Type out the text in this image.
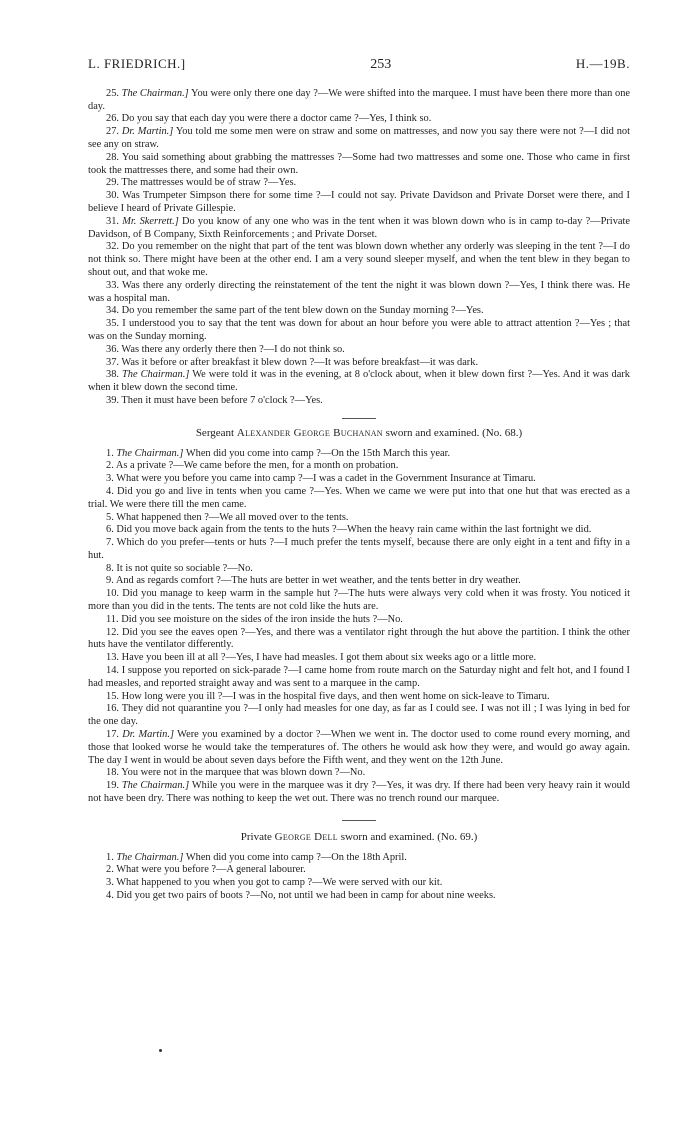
L. FRIEDRICH.]	253	H.—19B.

25. The Chairman.] You were only there one day ?—We were shifted into the marquee. I must have been there more than one day.

26. Do you say that each day you were there a doctor came ?—Yes, I think so.

27. Dr. Martin.] You told me some men were on straw and some on mattresses, and now you say there were not ?—I did not see any on straw.

28. You said something about grabbing the mattresses ?—Some had two mattresses and some one. Those who came in first took the mattresses there, and some had their own.

29. The mattresses would be of straw ?—Yes.

30. Was Trumpeter Simpson there for some time ?—I could not say. Private Davidson and Private Dorset were there, and I believe I heard of Private Gillespie.

31. Mr. Skerrett.] Do you know of any one who was in the tent when it was blown down who is in camp to-day ?—Private Davidson, of B Company, Sixth Reinforcements ; and Private Dorset.

32. Do you remember on the night that part of the tent was blown down whether any orderly was sleeping in the tent ?—I do not think so. There might have been at the other end. I am a very sound sleeper myself, and when the tent blew in they began to shout out, and that woke me.

33. Was there any orderly directing the reinstatement of the tent the night it was blown down ?—Yes, I think there was. He was a hospital man.

34. Do you remember the same part of the tent blew down on the Sunday morning ?—Yes.

35. I understood you to say that the tent was down for about an hour before you were able to attract attention ?—Yes ; that was on the Sunday morning.

36. Was there any orderly there then ?—I do not think so.

37. Was it before or after breakfast it blew down ?—It was before breakfast—it was dark.

38. The Chairman.] We were told it was in the evening, at 8 o'clock about, when it blew down first ?—Yes. And it was dark when it blew down the second time.

39. Then it must have been before 7 o'clock ?—Yes.

Sergeant Alexander George Buchanan sworn and examined. (No. 68.)

1. The Chairman.] When did you come into camp ?—On the 15th March this year.

2. As a private ?—We came before the men, for a month on probation.

3. What were you before you came into camp ?—I was a cadet in the Government Insurance at Timaru.

4. Did you go and live in tents when you came ?—Yes. When we came we were put into that one hut that was erected as a trial. We were there till the men came.

5. What happened then ?—We all moved over to the tents.

6. Did you move back again from the tents to the huts ?—When the heavy rain came within the last fortnight we did.

7. Which do you prefer—tents or huts ?—I much prefer the tents myself, because there are only eight in a tent and fifty in a hut.

8. It is not quite so sociable ?—No.

9. And as regards comfort ?—The huts are better in wet weather, and the tents better in dry weather.

10. Did you manage to keep warm in the sample hut ?—The huts were always very cold when it was frosty. You noticed it more than you did in the tents. The tents are not cold like the huts are.

11. Did you see moisture on the sides of the iron inside the huts ?—No.

12. Did you see the eaves open ?—Yes, and there was a ventilator right through the hut above the partition. I think the other huts have the ventilator differently.

13. Have you been ill at all ?—Yes, I have had measles. I got them about six weeks ago or a little more.

14. I suppose you reported on sick-parade ?—I came home from route march on the Saturday night and felt hot, and I found I had measles, and reported straight away and was sent to a marquee in the camp.

15. How long were you ill ?—I was in the hospital five days, and then went home on sick-leave to Timaru.

16. They did not quarantine you ?—I only had measles for one day, as far as I could see. I was not ill ; I was lying in bed for the one day.

17. Dr. Martin.] Were you examined by a doctor ?—When we went in. The doctor used to come round every morning, and those that looked worse he would take the temperatures of. The others he would ask how they were, and would go away again. The day I went in would be about seven days before the Fifth went, and they went on the 12th June.

18. You were not in the marquee that was blown down ?—No.

19. The Chairman.] While you were in the marquee was it dry ?—Yes, it was dry. If there had been very heavy rain it would not have been dry. There was nothing to keep the wet out. There was no trench round our marquee.

Private George Dell sworn and examined. (No. 69.)

1. The Chairman.] When did you come into camp ?—On the 18th April.

2. What were you before ?—A general labourer.

3. What happened to you when you got to camp ?—We were served with our kit.

4. Did you get two pairs of boots ?—No, not until we had been in camp for about nine weeks.
